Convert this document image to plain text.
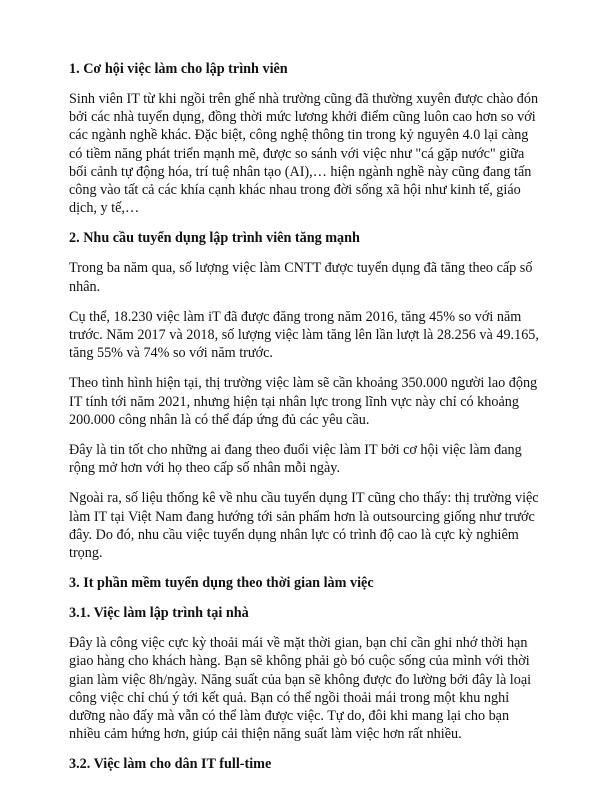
1. Cơ hội việc làm cho lập trình viên

Sinh viên IT từ khi ngồi trên ghế nhà trường cũng đã thường xuyên được chào đón bởi các nhà tuyển dụng, đồng thời mức lương khởi điểm cũng luôn cao hơn so với các ngành nghề khác. Đặc biệt, công nghệ thông tin trong kỷ nguyên 4.0 lại càng có tiềm năng phát triển mạnh mẽ, được so sánh với việc như "cá gặp nước" giữa bối cảnh tự động hóa, trí tuệ nhân tạo (AI),… hiện ngành nghề này cũng đang tấn công vào tất cả các khía cạnh khác nhau trong đời sống xã hội như kinh tế, giáo dịch, y tế,…

2. Nhu cầu tuyển dụng lập trình viên tăng mạnh

Trong ba năm qua, số lượng việc làm CNTT được tuyển dụng đã tăng theo cấp số nhân.

Cụ thể, 18.230 việc làm iT đã được đăng trong năm 2016, tăng 45% so với năm trước. Năm 2017 và 2018, số lượng việc làm tăng lên lần lượt là 28.256 và 49.165, tăng 55% và 74% so với năm trước.

Theo tình hình hiện tại, thị trường việc làm sẽ cần khoảng 350.000 người lao động IT tính tới năm 2021, nhưng hiện tại nhân lực trong lĩnh vực này chỉ có khoảng 200.000 công nhân là có thể đáp ứng đủ các yêu cầu.

Đây là tin tốt cho những ai đang theo đuổi việc làm IT bởi cơ hội việc làm đang rộng mở hơn với họ theo cấp số nhân mỗi ngày.

Ngoài ra, số liệu thống kê về nhu cầu tuyển dụng IT cũng cho thấy: thị trường việc làm IT tại Việt Nam đang hướng tới sản phẩm hơn là outsourcing giống như trước đây. Do đó, nhu cầu việc tuyển dụng nhân lực có trình độ cao là cực kỳ nghiêm trọng.

3. It phần mềm tuyển dụng theo thời gian làm việc
3.1. Việc làm lập trình tại nhà

Đây là công việc cực kỳ thoải mái về mặt thời gian, bạn chỉ cần ghi nhớ thời hạn giao hàng cho khách hàng. Bạn sẽ không phải gò bó cuộc sống của mình với thời gian làm việc 8h/ngày. Năng suất của bạn sẽ không được đo lường bởi đây là loại công việc chỉ chú ý tới kết quả. Bạn có thể ngồi thoải mái trong một khu nghỉ dưỡng nào đấy mà vẫn có thể làm được việc. Tự do, đôi khi mang lại cho bạn nhiều cảm hứng hơn, giúp cải thiện năng suất làm việc hơn rất nhiều.

3.2. Việc làm cho dân IT full-time
